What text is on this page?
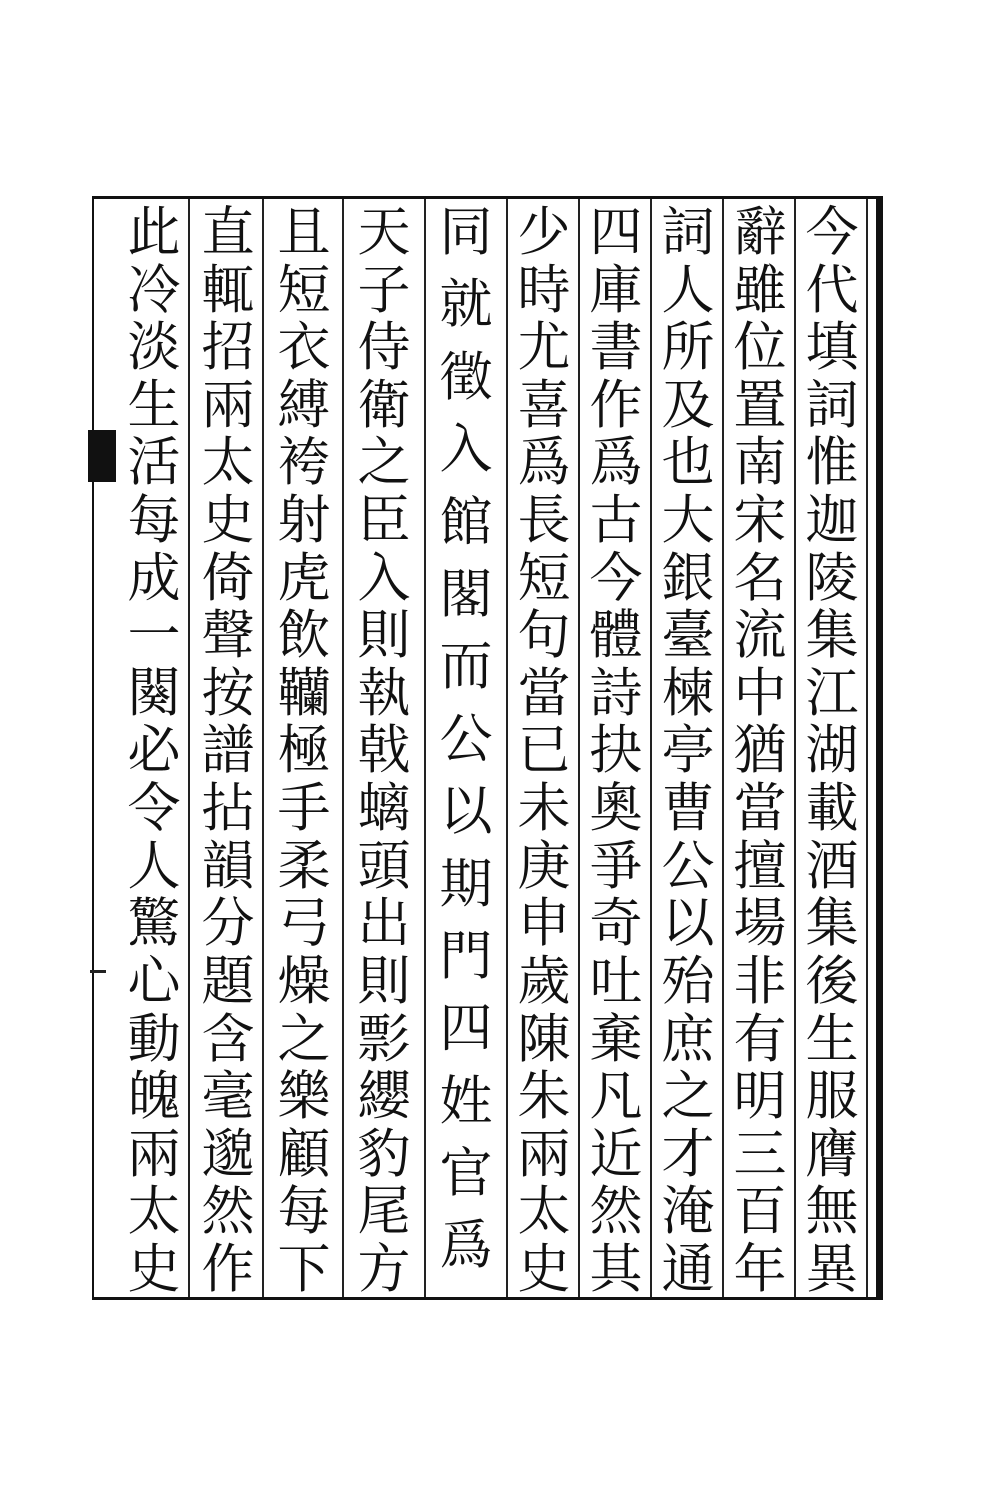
今
代
填
詞
惟
迦
陵
集
江
湖
載
酒
集
後
生
服
膺
無
異
辭
雖
位
置
南
宋
名
流
中
猶
當
擅
場
非
有
明
三
百
年
詞
人
所
及
也
大
銀
臺
楝
亭
曹
公
以
殆
庶
之
才
淹
通
四
庫
書
作
爲
古
今
體
詩
抉
奧
爭
奇
吐
棄
凡
近
然
其
少
時
尤
喜
爲
長
短
句
當
已
未
庚
申
歲
陳
朱
兩
太
史
同
就
徵
入
館
閣
而
公
以
期
門
四
姓
官
爲
天
子
侍
衛
之
臣
入
則
執
戟
螭
頭
出
則
彯
纓
豹
尾
方
且
短
衣
縛
袴
射
虎
飲
韊
極
手
柔
弓
燥
之
樂
顧
每
下
直
輒
招
兩
太
史
倚
聲
按
譜
拈
韻
分
題
含
毫
邈
然
作
此
冷
淡
生
活
每
成
一
闋
必
令
人
驚
心
動
魄
兩
太
史
